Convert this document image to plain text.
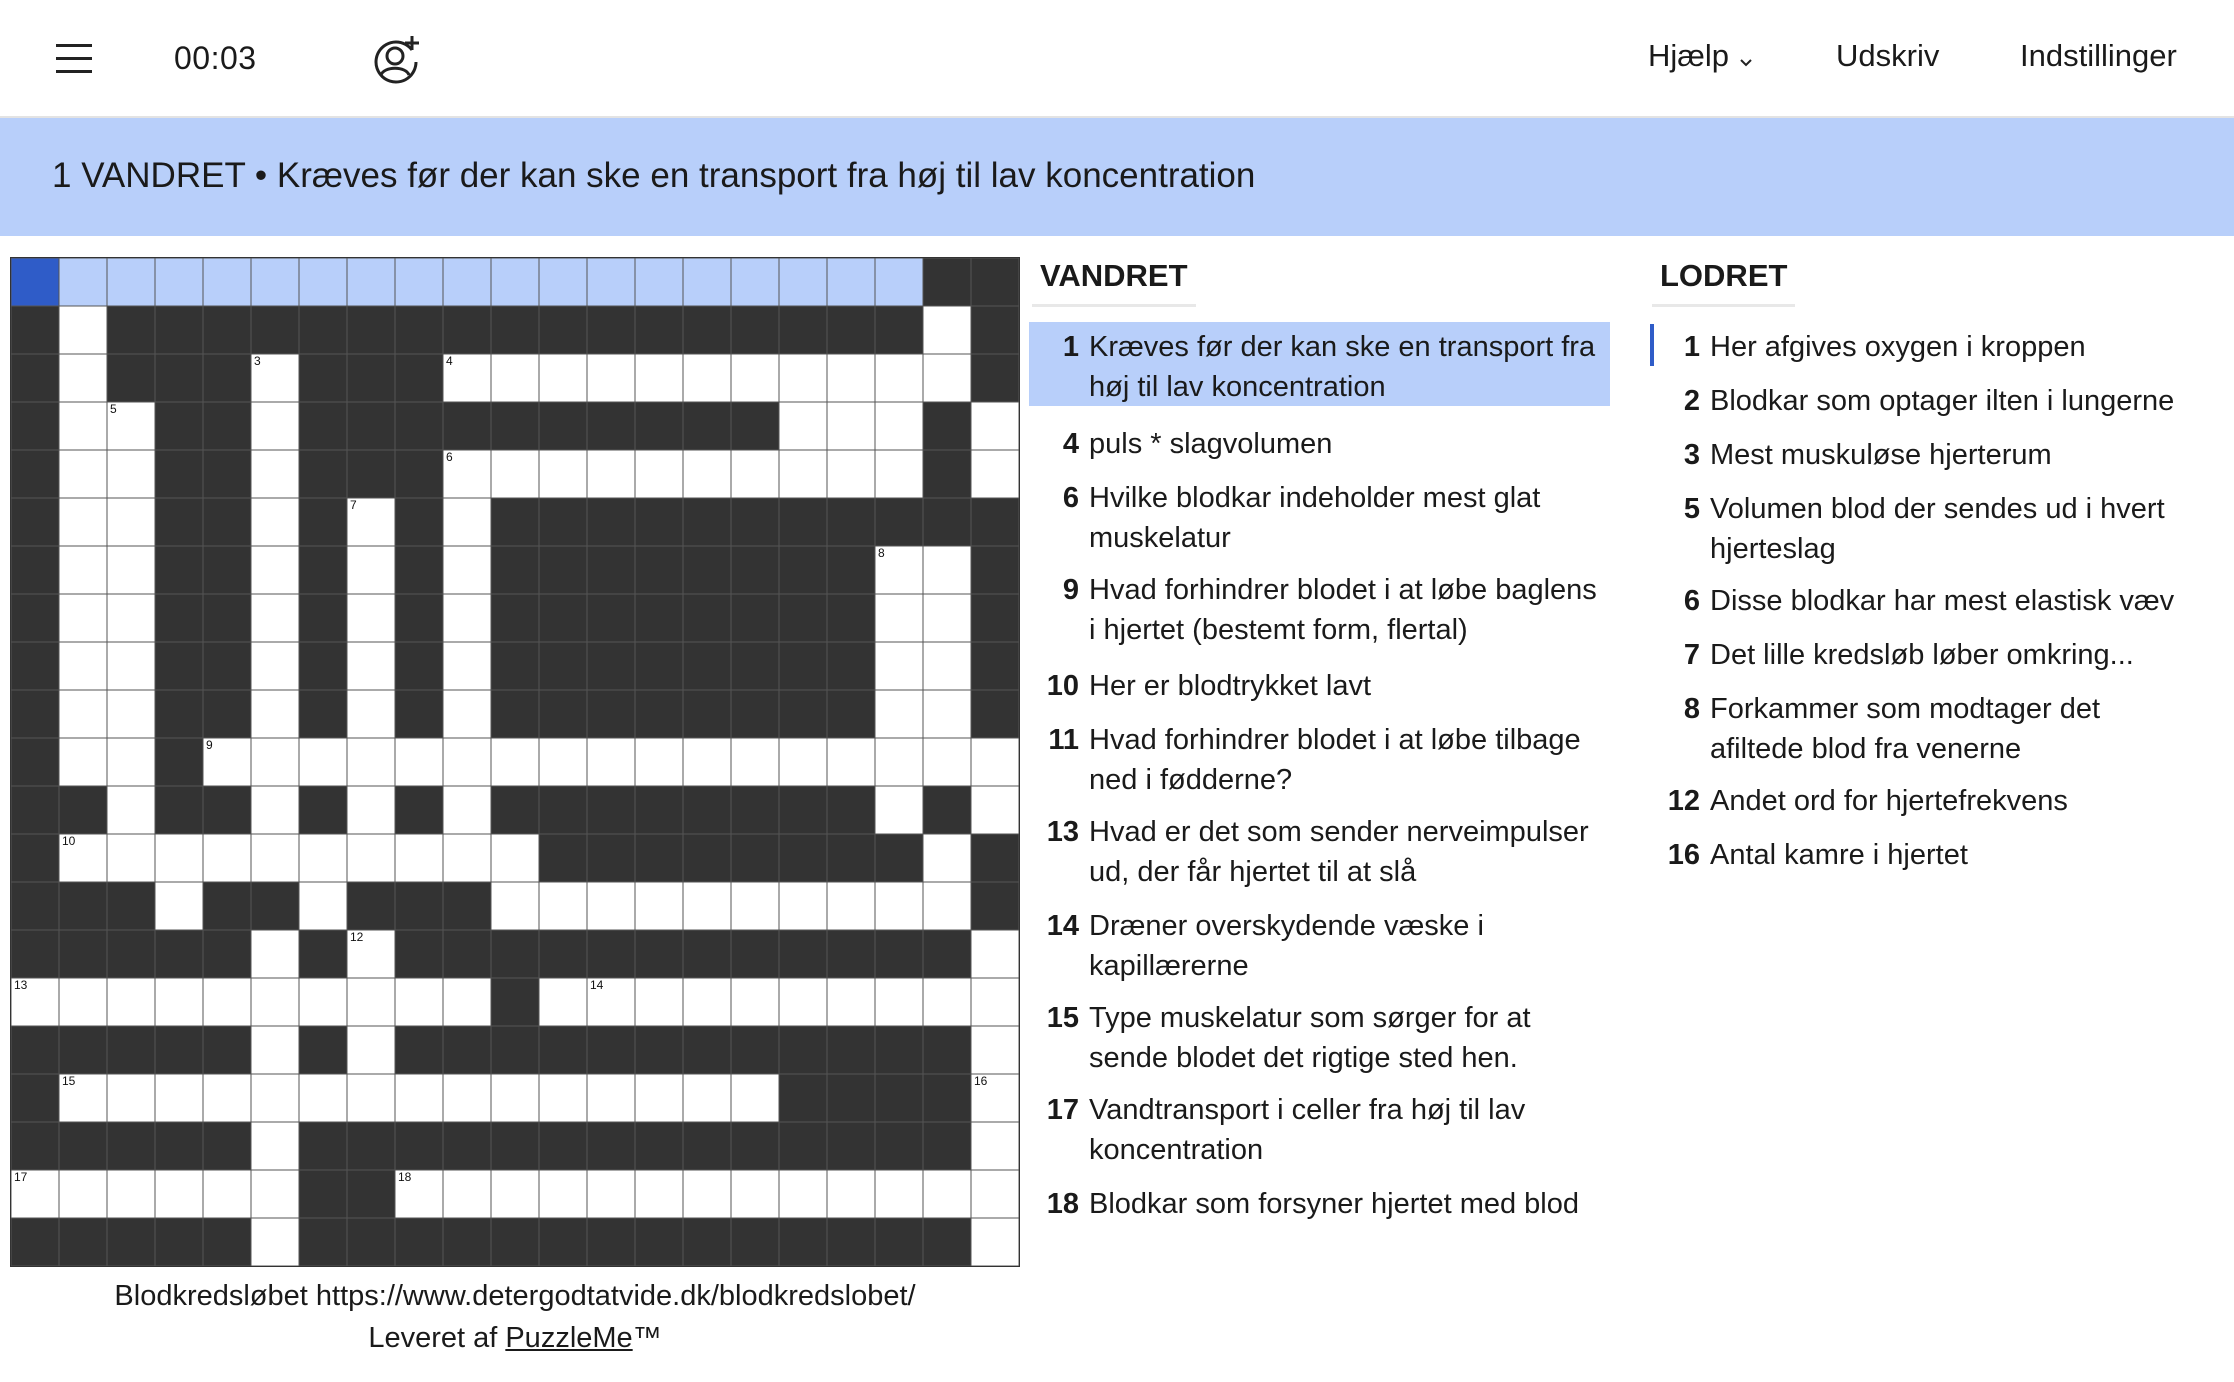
00:03	Hjælp	Udskriv	Indstillinger
1 VANDRET • Kræves før der kan ske en transport fra høj til lav koncentration
3	4
5
6
7
8
9
10
12
13	14
15	16
17	18
Blodkredsløbet https://www.detergodtatvide.dk/blodkredslobet/
Leveret af PuzzleMe™
VANDRET
1 Kræves før der kan ske en transport fra høj til lav koncentration
4 puls * slagvolumen
6 Hvilke blodkar indeholder mest glat muskelatur
9 Hvad forhindrer blodet i at løbe baglens i hjertet (bestemt form, flertal)
10 Her er blodtrykket lavt
11 Hvad forhindrer blodet i at løbe tilbage ned i fødderne?
13 Hvad er det som sender nerveimpulser ud, der får hjertet til at slå
14 Dræner overskydende væske i kapillærerne
15 Type muskelatur som sørger for at sende blodet det rigtige sted hen.
17 Vandtransport i celler fra høj til lav koncentration
18 Blodkar som forsyner hjertet med blod
LODRET
1 Her afgives oxygen i kroppen
2 Blodkar som optager ilten i lungerne
3 Mest muskuløse hjerterum
5 Volumen blod der sendes ud i hvert hjerteslag
6 Disse blodkar har mest elastisk væv
7 Det lille kredsløb løber omkring...
8 Forkammer som modtager det afiltede blod fra venerne
12 Andet ord for hjertefrekvens
16 Antal kamre i hjertet
